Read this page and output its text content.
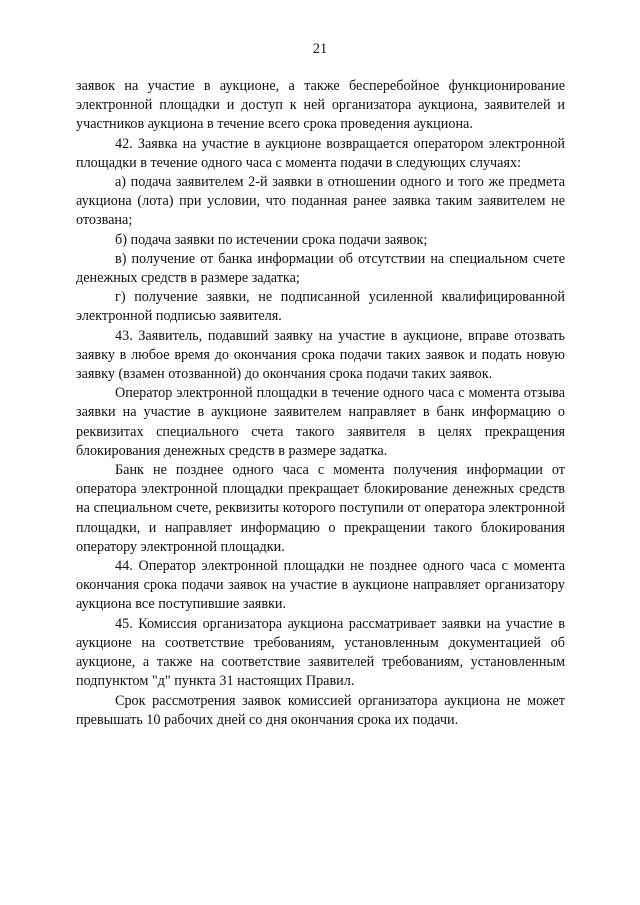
21

заявок на участие в аукционе, а также бесперебойное функционирование электронной площадки и доступ к ней организатора аукциона, заявителей и участников аукциона в течение всего срока проведения аукциона.

42. Заявка на участие в аукционе возвращается оператором электронной площадки в течение одного часа с момента подачи в следующих случаях:

а) подача заявителем 2-й заявки в отношении одного и того же предмета аукциона (лота) при условии, что поданная ранее заявка таким заявителем не отозвана;

б) подача заявки по истечении срока подачи заявок;

в) получение от банка информации об отсутствии на специальном счете денежных средств в размере задатка;

г) получение заявки, не подписанной усиленной квалифицированной электронной подписью заявителя.

43. Заявитель, подавший заявку на участие в аукционе, вправе отозвать заявку в любое время до окончания срока подачи таких заявок и подать новую заявку (взамен отозванной) до окончания срока подачи таких заявок.

Оператор электронной площадки в течение одного часа с момента отзыва заявки на участие в аукционе заявителем направляет в банк информацию о реквизитах специального счета такого заявителя в целях прекращения блокирования денежных средств в размере задатка.

Банк не позднее одного часа с момента получения информации от оператора электронной площадки прекращает блокирование денежных средств на специальном счете, реквизиты которого поступили от оператора электронной площадки, и направляет информацию о прекращении такого блокирования оператору электронной площадки.

44. Оператор электронной площадки не позднее одного часа с момента окончания срока подачи заявок на участие в аукционе направляет организатору аукциона все поступившие заявки.

45. Комиссия организатора аукциона рассматривает заявки на участие в аукционе на соответствие требованиям, установленным документацией об аукционе, а также на соответствие заявителей требованиям, установленным подпунктом "д" пункта 31 настоящих Правил.

Срок рассмотрения заявок комиссией организатора аукциона не может превышать 10 рабочих дней со дня окончания срока их подачи.
